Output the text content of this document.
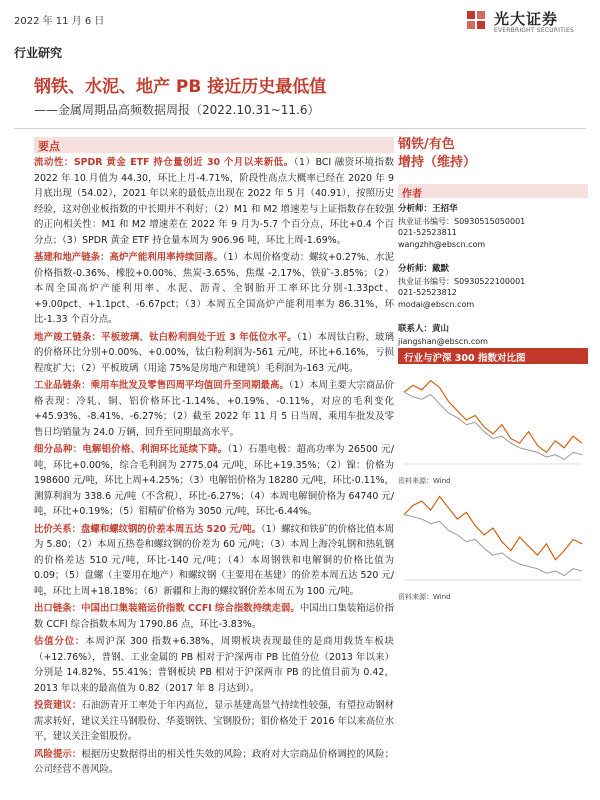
2022 年 11 月 6 日	光大证券
EVERBRIGHT SECURITIES
行业研究
钢铁、水泥、地产 PB 接近历史最低值
——金属周期品高频数据周报（2022.10.31~11.6）
要点

流动性：SPDR 黄金 ETF 持仓量创近 30 个月以来新低。（1）BCI 融资环境指数 2022 年 10 月值为 44.30，环比上月-4.71%，阶段性高点大概率已经在 2020 年 9 月底出现（54.02），2021 年以来的最低点出现在 2022 年 5 月（40.91），按照历史经验，这对创业板指数的中长期并不利好；（2）M1 和 M2 增速差与上证指数存在较强的正向相关性：M1 和 M2 增速差在 2022 年 9 月为-5.7 个百分点，环比+0.4 个百分点；（3）SPDR 黄金 ETF 持仓量本周为 906.96 吨，环比上周-1.69%。

基建和地产链条：高炉产能利用率持续回落。（1）本周价格变动：螺纹+0.27%、水泥价格指数-0.36%、橡胶+0.00%、焦炭-3.65%、焦煤 -2.17%、铁矿-3.85%；（2）本周全国高炉产能利用率、水泥、沥青、全钢胎开工率环比分别-1.33pct、+9.00pct、+1.1pct、-6.67pct；（3）本周五全国高炉产能利用率为 86.31%，环比-1.33 个百分点。

地产竣工链条：平板玻璃、钛白粉利润处于近 3 年低位水平。（1）本周钛白粉、玻璃的价格环比分别+0.00%、+0.00%，钛白粉利润为-561 元/吨，环比+6.16%，亏损程度扩大；（2）平板玻璃（用途 75%是房地产和建筑）毛利润为-163 元/吨。

工业品链条：乘用车批发及零售四周平均值回升至同期最高。（1）本周主要大宗商品价格表现：冷轧、铜、铝价格环比-1.14%、+0.19%、-0.11%，对应的毛利变化+45.93%、-8.41%、-6.27%；（2）截至 2022 年 11 月 5 日当周，乘用车批发及零售日均销量为 24.0 万辆，回升至同期最高水平。

细分品种：电解铝价格、利润环比延续下降。（1）石墨电极：超高功率为 26500 元/吨，环比+0.00%，综合毛利润为 2775.04 元/吨，环比+19.35%；（2）镍：价格为 198600 元/吨，环比上周+4.25%；（3）电解铝价格为 18280 元/吨，环比-0.11%，测算利润为 338.6 元/吨（不含税），环比-6.27%；（4）本周电解铜价格为 64740 元/吨，环比+0.19%；（5）钼精矿价格为 3050 元/吨，环比-6.44%。

比价关系：盘螺和螺纹钢的价差本周五达 520 元/吨。（1）螺纹和铁矿的价格比值本周为 5.80；（2）本周五热卷和螺纹钢的价差为 60 元/吨；（3）本周上海冷轧钢和热轧钢的价格差达 510 元/吨，环比-140 元/吨；（4）本周钢铁和电解铜的价格比值为 0.09；（5）盘螺（主要用在地产）和螺纹钢（主要用在基建）的价差本周五达 520 元/吨，环比上周+18.18%；（6）新疆和上海的螺纹钢价差本周五为 100 元/吨。

出口链条：中国出口集装箱运价指数 CCFI 综合指数持续走弱。中国出口集装箱运价指数 CCFI 综合指数本周为 1790.86 点，环比-3.83%。

估值分位：本周沪深 300 指数+6.38%，周期板块表现最佳的是商用载货车板块（+12.76%），普钢、工业金属的 PB 相对于沪深两市 PB 比值分位（2013 年以来）分别是 14.82%、55.41%；普钢板块 PB 相对于沪深两市 PB 的比值目前为 0.42，2013 年以来的最高值为 0.82（2017 年 8 月达到）。

投资建议：石油沥青开工率处于年内高位，显示基建高景气持续性较强，有望拉动钢材需求转好，建议关注马钢股份、华菱钢铁、宝钢股份；钼价格处于 2016 年以来高位水平，建议关注金钼股份。

风险提示：根据历史数据得出的相关性失效的风险；政府对大宗商品价格调控的风险；公司经营不善风险。

钢铁/有色
增持（维持）
作者
分析师：王招华
执业证书编号：S0930515050001
021-52523811
wangzhh@ebscn.com
分析师：戴默
执业证书编号：S0930522100001
021-52523812
modai@ebscn.com
联系人：黄山
jiangshan@ebscn.com
行业与沪深 300 指数对比图
资料来源：Wind
资料来源：Wind
